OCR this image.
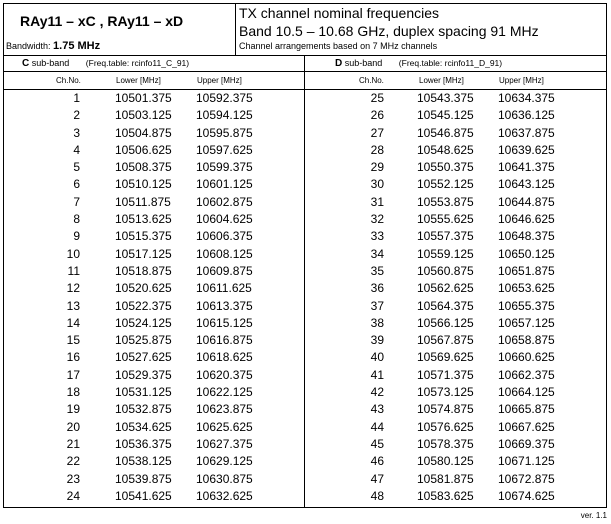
RAy11 – xC , RAy11 – xD
Bandwidth: 1.75 MHz
TX channel nominal frequencies
Band 10.5 – 10.68 GHz, duplex spacing 91 MHz
Channel arrangements based on 7 MHz channels
C sub-band (Freq.table: rcinfo11_C_91)	D sub-band (Freq.table: rcinfo11_D_91)
Ch.No.	Lower [MHz]	Upper [MHz]	Ch.No.	Lower [MHz]	Upper [MHz]
1	10501.375 10592.375
2	10503.125 10594.125
3	10504.875 10595.875
4	10506.625 10597.625
5	10508.375 10599.375
6	10510.125 10601.125
7	10511.875 10602.875
8	10513.625 10604.625
9	10515.375 10606.375
10	10517.125 10608.125
11	10518.875 10609.875
12	10520.625 10611.625
13	10522.375 10613.375
14	10524.125 10615.125
15	10525.875 10616.875
16	10527.625 10618.625
17	10529.375 10620.375
18	10531.125 10622.125
19	10532.875 10623.875
20	10534.625 10625.625
21	10536.375 10627.375
22	10538.125 10629.125
23	10539.875 10630.875
24	10541.625 10632.625
25	10543.375 10634.375
26	10545.125 10636.125
27	10546.875 10637.875
28	10548.625 10639.625
29	10550.375 10641.375
30	10552.125 10643.125
31	10553.875 10644.875
32	10555.625 10646.625
33	10557.375 10648.375
34	10559.125 10650.125
35	10560.875 10651.875
36	10562.625 10653.625
37	10564.375 10655.375
38	10566.125 10657.125
39	10567.875 10658.875
40	10569.625 10660.625
41	10571.375 10662.375
42	10573.125 10664.125
43	10574.875 10665.875
44	10576.625 10667.625
45	10578.375 10669.375
46	10580.125 10671.125
47	10581.875 10672.875
48	10583.625 10674.625
ver. 1.1
